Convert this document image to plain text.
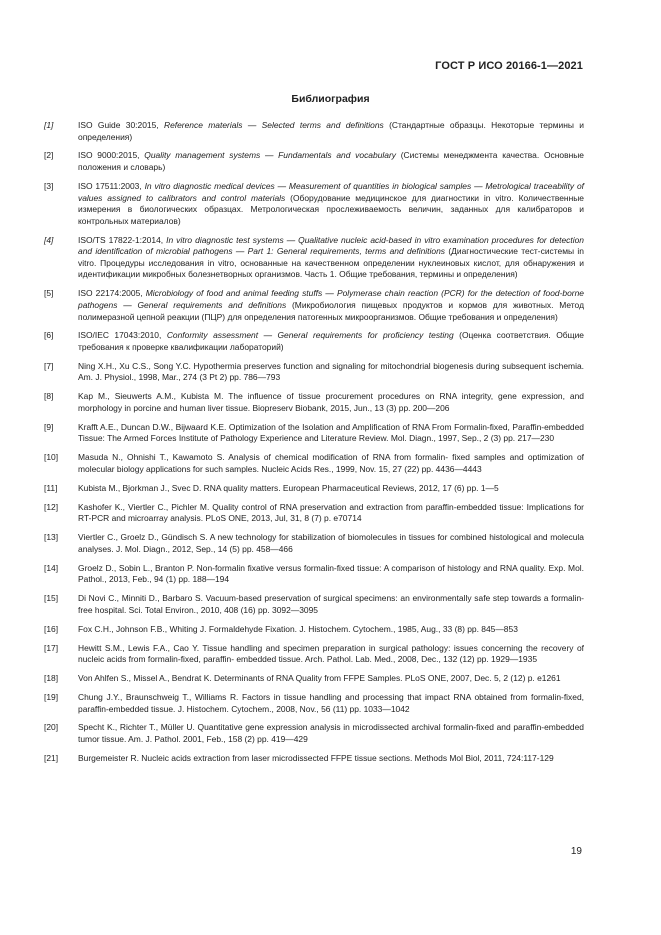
ГОСТ Р ИСО 20166-1—2021
Библиография
[1]	ISO Guide 30:2015, Reference materials — Selected terms and definitions (Стандартные образцы. Некоторые термины и определения)
[2]	ISO 9000:2015, Quality management systems — Fundamentals and vocabulary (Системы менеджмента качества. Основные положения и словарь)
[3]	ISO 17511:2003, In vitro diagnostic medical devices — Measurement of quantities in biological samples — Metrological traceability of values assigned to calibrators and control materials (Оборудование медицинское для диагностики in vitro. Количественные измерения в биологических образцах. Метрологическая прослеживаемость величин, заданных для калибраторов и контрольных материалов)
[4]	ISO/TS 17822-1:2014, In vitro diagnostic test systems — Qualitative nucleic acid-based in vitro examination procedures for detection and identification of microbial pathogens — Part 1: General requirements, terms and definitions (Диагностические тест-системы in vitro. Процедуры исследования in vitro, основанные на качественном определении нуклеиновых кислот, для обнаружения и идентификации микробных болезнетворных организмов. Часть 1. Общие требования, термины и определения)
[5]	ISO 22174:2005, Microbiology of food and animal feeding stuffs — Polymerase chain reaction (PCR) for the detection of food-borne pathogens — General requirements and definitions (Микробиология пищевых продуктов и кормов для животных. Метод полимеразной цепной реакции (ПЦР) для определения патогенных микроорганизмов. Общие требования и определения)
[6]	ISO/IEC 17043:2010, Conformity assessment — General requirements for proficiency testing (Оценка соответствия. Общие требования к проверке квалификации лабораторий)
[7]	Ning X.H., Xu C.S., Song Y.C. Hypothermia preserves function and signaling for mitochondrial biogenesis during subsequent ischemia. Am. J. Physiol., 1998, Mar., 274 (3 Pt 2) pp. 786—793
[8]	Kap M., Sieuwerts A.M., Kubista M. The influence of tissue procurement procedures on RNA integrity, gene expression, and morphology in porcine and human liver tissue. Biopreserv Biobank, 2015, Jun., 13 (3) pp. 200—206
[9]	Krafft A.E., Duncan D.W., Bijwaard K.E. Optimization of the Isolation and Amplification of RNA From Formalin-fixed, Paraffin-embedded Tissue: The Armed Forces Institute of Pathology Experience and Literature Review. Mol. Diagn., 1997, Sep., 2 (3) pp. 217—230
[10]	Masuda N., Ohnishi T., Kawamoto S. Analysis of chemical modification of RNA from formalin- fixed samples and optimization of molecular biology applications for such samples. Nucleic Acids Res., 1999, Nov. 15, 27 (22) pp. 4436—4443
[11]	Kubista M., Bjorkman J., Svec D. RNA quality matters. European Pharmaceutical Reviews, 2012, 17 (6) pp. 1—5
[12]	Kashofer K., Viertler C., Pichler M. Quality control of RNA preservation and extraction from paraffin-embedded tissue: Implications for RT-PCR and microarray analysis. PLoS ONE, 2013, Jul, 31, 8 (7) p. e70714
[13]	Viertler C., Groelz D., Gündisch S. A new technology for stabilization of biomolecules in tissues for combined histological and molecula analyses. J. Mol. Diagn., 2012, Sep., 14 (5) pp. 458—466
[14]	Groelz D., Sobin L., Branton P. Non-formalin fixative versus formalin-fixed tissue: A comparison of histology and RNA quality. Exp. Mol. Pathol., 2013, Feb., 94 (1) pp. 188—194
[15]	Di Novi C., Minniti D., Barbaro S. Vacuum-based preservation of surgical specimens: an environmentally safe step towards a formalin-free hospital. Sci. Total Environ., 2010, 408 (16) pp. 3092—3095
[16]	Fox C.H., Johnson F.B., Whiting J. Formaldehyde Fixation. J. Histochem. Cytochem., 1985, Aug., 33 (8) pp. 845—853
[17]	Hewitt S.M., Lewis F.A., Cao Y. Tissue handling and specimen preparation in surgical pathology: issues concerning the recovery of nucleic acids from formalin-fixed, paraffin- embedded tissue. Arch. Pathol. Lab. Med., 2008, Dec., 132 (12) pp. 1929—1935
[18]	Von Ahlfen S., Missel A., Bendrat K. Determinants of RNA Quality from FFPE Samples. PLoS ONE, 2007, Dec. 5, 2 (12) p. e1261
[19]	Chung J.Y., Braunschweig T., Williams R. Factors in tissue handling and processing that impact RNA obtained from formalin-fixed, paraffin-embedded tissue. J. Histochem. Cytochem., 2008, Nov., 56 (11) pp. 1033—1042
[20]	Specht K., Richter T., Müller U. Quantitative gene expression analysis in microdissected archival formalin-fixed and paraffin-embedded tumor tissue. Am. J. Pathol. 2001, Feb., 158 (2) pp. 419—429
[21]	Burgemeister R. Nucleic acids extraction from laser microdissected FFPE tissue sections. Methods Mol Biol, 2011, 724:117-129
19
